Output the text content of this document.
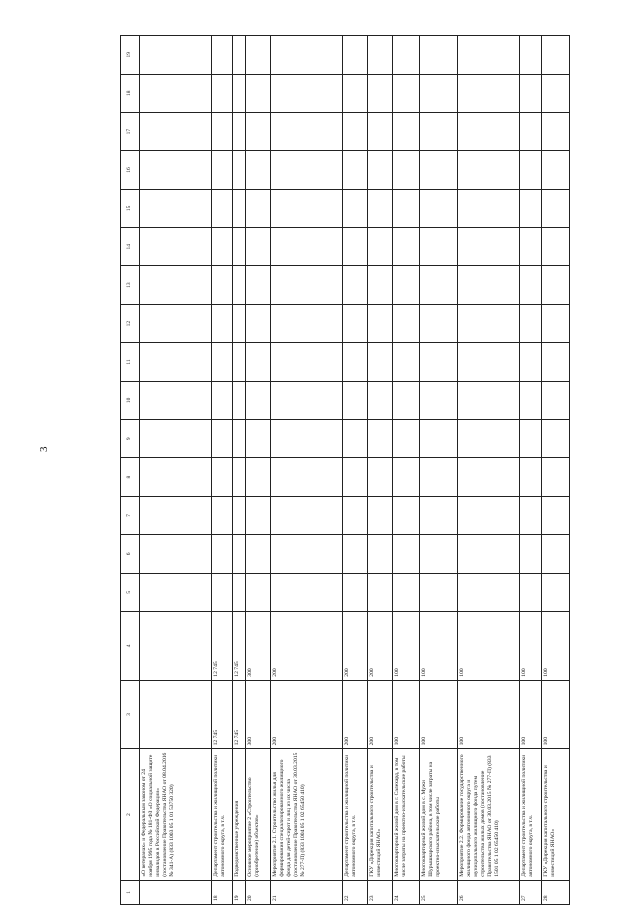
3
1	2	3	4	5	6	7	8	9	10	11	12	13	14	15	16	17	18	19
	«О ветеранах» и Федеральным законом от 24 ноября 1995 года № 181-ФЗ «О социальной защите инвалидов в Российской Федерации» (постановление Правительства ЯНАО от 08.04.2016 № 341-А) (833 1003 05 1 01 53750 320)																	
18	Департамент строительства и жилищной политики автономного округа, в т.ч.	12 745	12 745															
19	Подведомственные учреждения	12 745	12 745															
20	Основное мероприятие 2 «Строительство (приобретение) объектов»	300	300															
21	Мероприятие 2.1. Строительство жилья для формирования специализированного жилищного фонда для детей-сирот и лиц из их числа (постановление Правительства ЯНАО от 30.03.2015 № 277-П) (833 1004 05 1 02 65450 410)	200	200															
22	Департамент строительства и жилищной политики автономного округа, в т.ч.	200	200															
23	ГКУ «Дирекция капитального строительства и инвестиций ЯНАО»	200	200															
24	Многоквартирный жилой дом в г. Салехард, в том числе затраты на проектно-изыскательские работы	100	100															
25	Многоквартирный жилой дом в с. Мужи Шурышкарского района, в том числе затраты на проектно-изыскательские работы	100	100															
26	Мероприятие 2.2. Формирование государственного жилищного фонда автономного округа и муниципального жилищного фонда путем строительства жилых домов (постановление Правительства ЯНАО от 30.03.2015 № 277-П) (833 1501 05 1 02 65450 410)	100	100															
27	Департамент строительства и жилищной политики автономного округа, в т.ч.	100	100															
28	ГКУ «Дирекция капитального строительства и инвестиций ЯНАО»	100	100															
